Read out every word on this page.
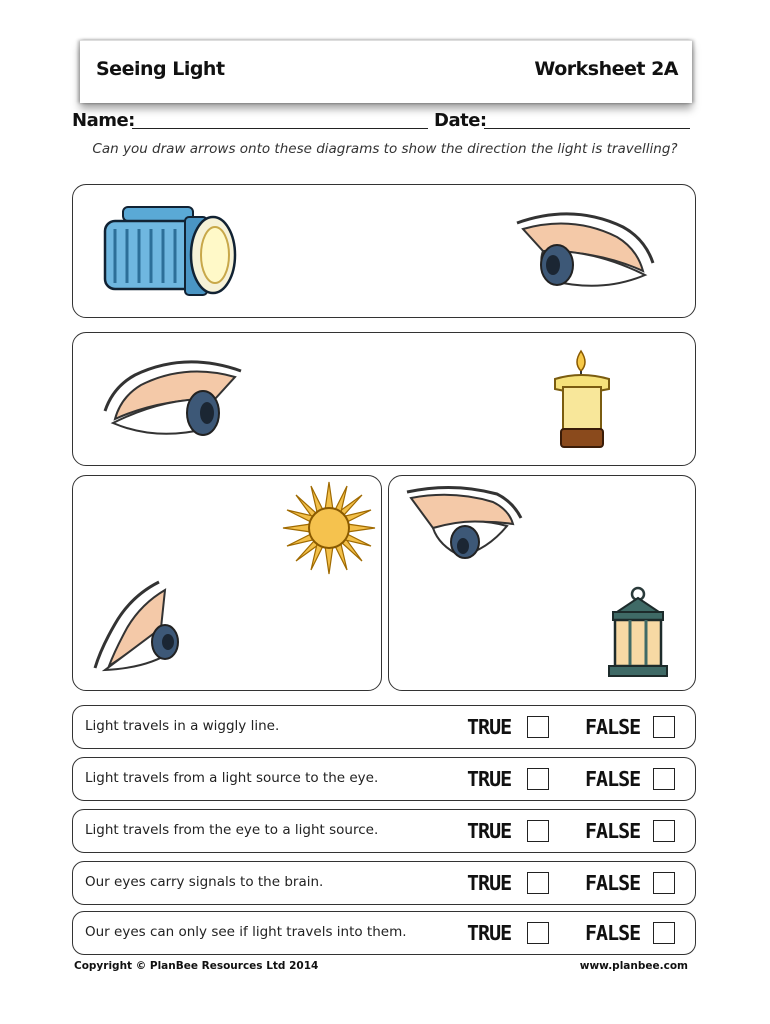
Seeing Light	Worksheet 2A
Name:	Date:
Can you draw arrows onto these diagrams to show the direction the light is travelling?
Light travels in a wiggly line.	TRUE	FALSE
Light travels from a light source to the eye.	TRUE	FALSE
Light travels from the eye to a light source.	TRUE	FALSE
Our eyes carry signals to the brain.	TRUE	FALSE
Our eyes can only see if light travels into them.	TRUE	FALSE
Copyright © PlanBee Resources Ltd 2014	www.planbee.com
